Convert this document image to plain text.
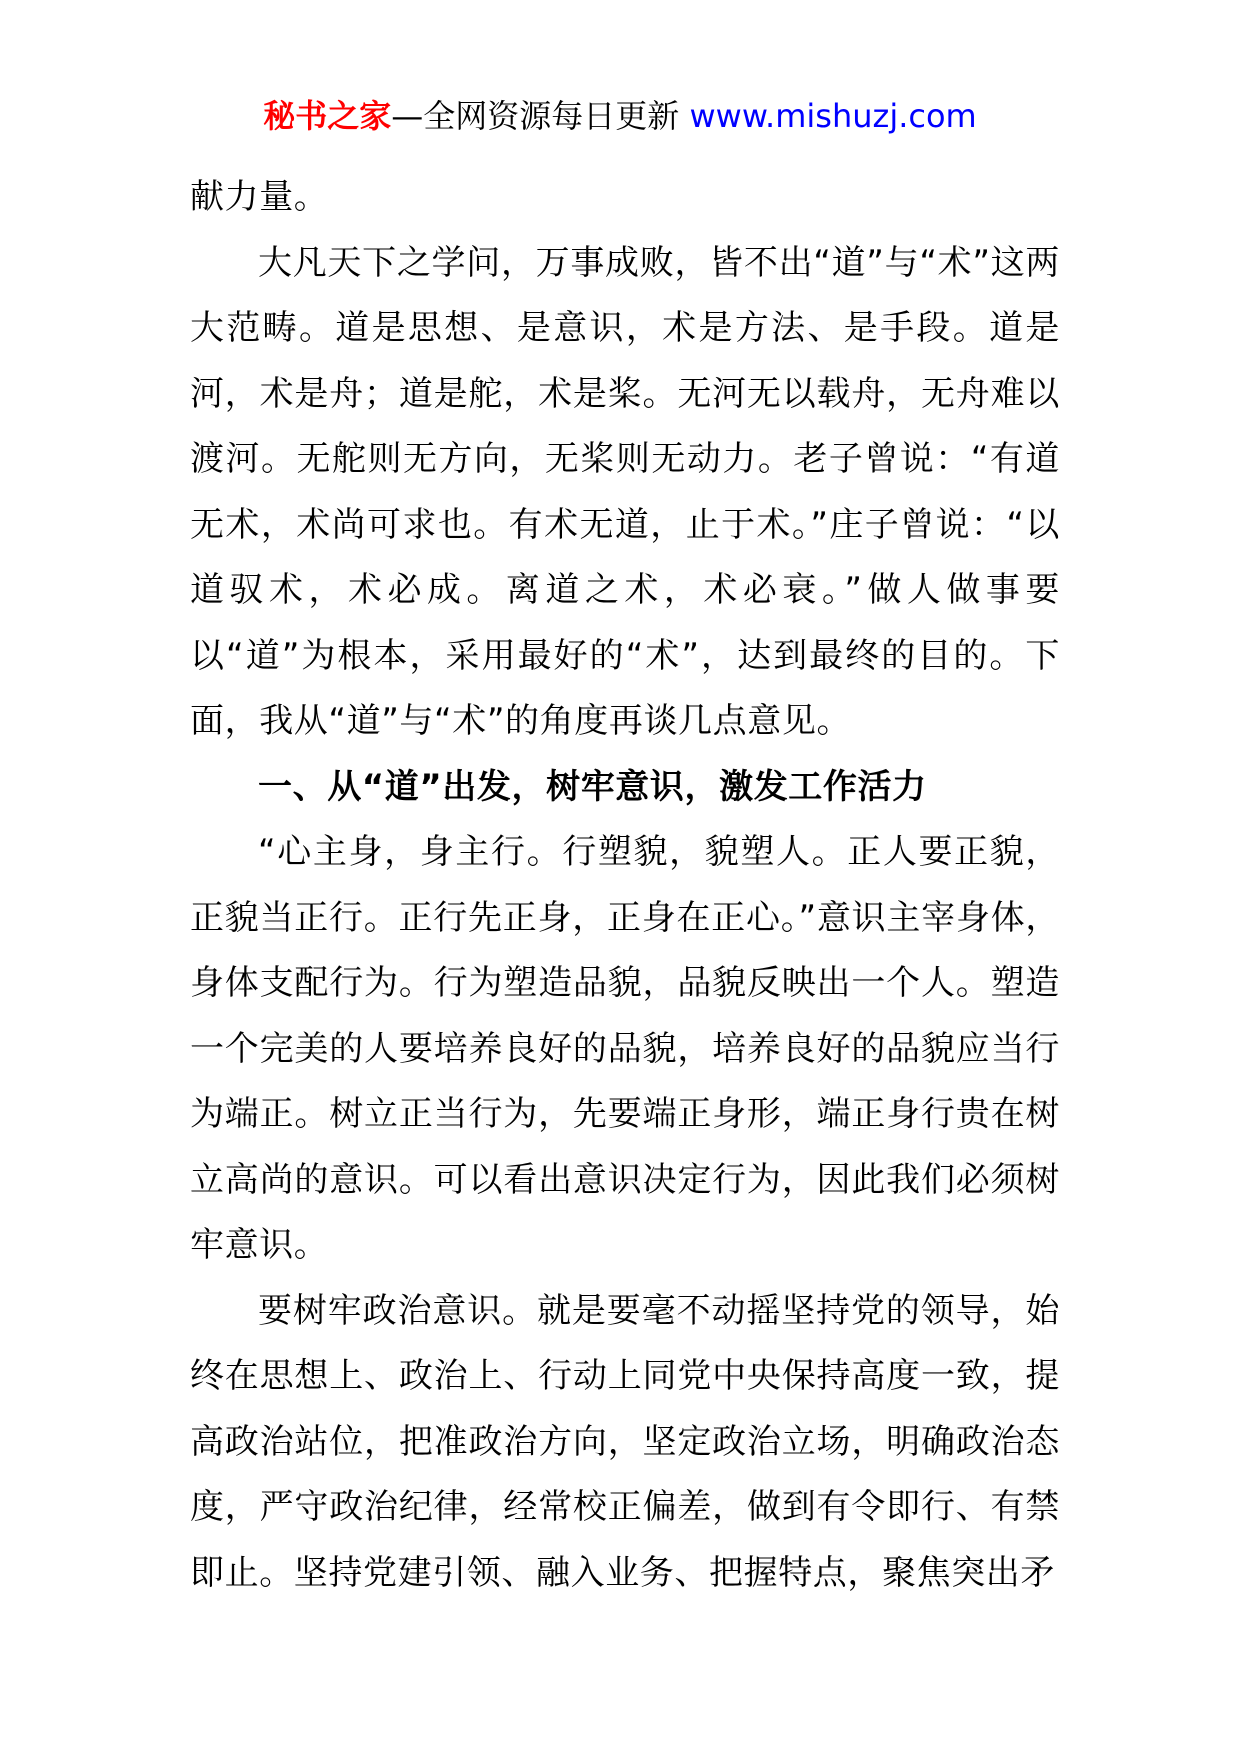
秘书之家—全网资源每日更新 www.mishuzj.com

献力量。

大凡天下之学问，万事成败，皆不出“道”与“术”这两大范畴。道是思想、是意识，术是方法、是手段。道是河，术是舟；道是舵，术是桨。无河无以载舟，无舟难以渡河。无舵则无方向，无桨则无动力。老子曾说：“有道无术，术尚可求也。有术无道，止于术。”庄子曾说：“以道驭术，术必成。离道之术，术必衰。”做人做事要以“道”为根本，采用最好的“术”，达到最终的目的。下面，我从“道”与“术”的角度再谈几点意见。

一、从“道”出发，树牢意识，激发工作活力

“心主身，身主行。行塑貌，貌塑人。正人要正貌，正貌当正行。正行先正身，正身在正心。”意识主宰身体，身体支配行为。行为塑造品貌，品貌反映出一个人。塑造一个完美的人要培养良好的品貌，培养良好的品貌应当行为端正。树立正当行为，先要端正身形，端正身行贵在树立高尚的意识。可以看出意识决定行为，因此我们必须树牢意识。

要树牢政治意识。就是要毫不动摇坚持党的领导，始终在思想上、政治上、行动上同党中央保持高度一致，提高政治站位，把准政治方向，坚定政治立场，明确政治态度，严守政治纪律，经常校正偏差，做到有令即行、有禁即止。坚持党建引领、融入业务、把握特点，聚焦突出矛
